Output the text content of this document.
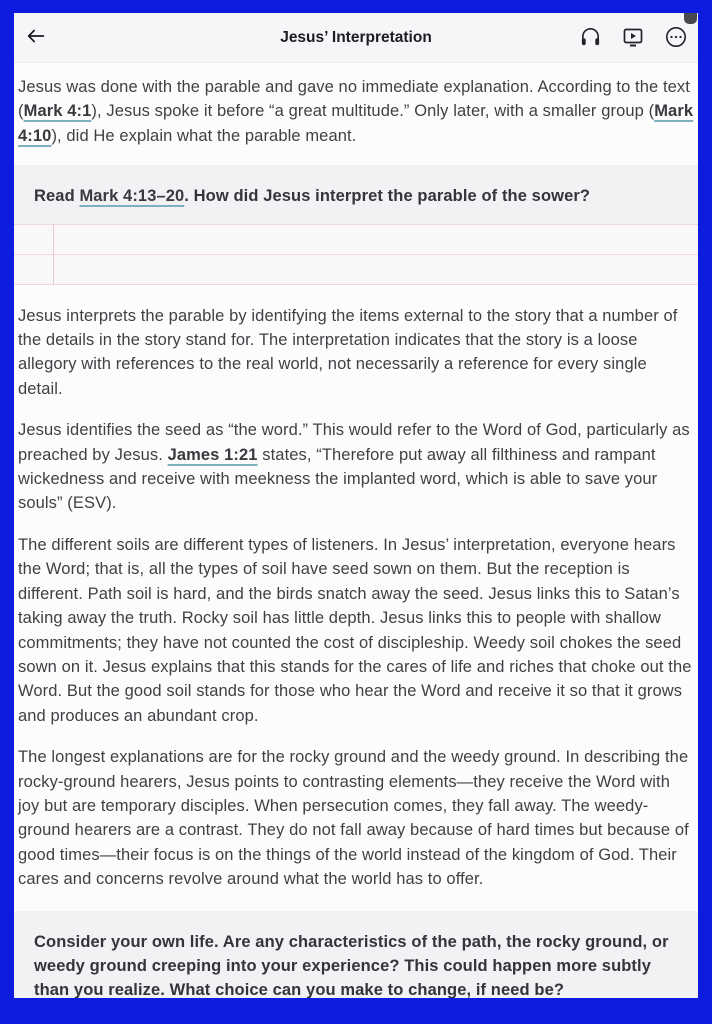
Jesus’ Interpretation

Jesus was done with the parable and gave no immediate explanation. According to the text (Mark 4:1), Jesus spoke it before “a great multitude.” Only later, with a smaller group (Mark 4:10), did He explain what the parable meant.

Read Mark 4:13–20. How did Jesus interpret the parable of the sower?

Jesus interprets the parable by identifying the items external to the story that a number of the details in the story stand for. The interpretation indicates that the story is a loose allegory with references to the real world, not necessarily a reference for every single detail.

Jesus identifies the seed as “the word.” This would refer to the Word of God, particularly as preached by Jesus. James 1:21 states, “Therefore put away all filthiness and rampant wickedness and receive with meekness the implanted word, which is able to save your souls” (ESV).

The different soils are different types of listeners. In Jesus’ interpretation, everyone hears the Word; that is, all the types of soil have seed sown on them. But the reception is different. Path soil is hard, and the birds snatch away the seed. Jesus links this to Satan’s taking away the truth. Rocky soil has little depth. Jesus links this to people with shallow commitments; they have not counted the cost of discipleship. Weedy soil chokes the seed sown on it. Jesus explains that this stands for the cares of life and riches that choke out the Word. But the good soil stands for those who hear the Word and receive it so that it grows and produces an abundant crop.

The longest explanations are for the rocky ground and the weedy ground. In describing the rocky-ground hearers, Jesus points to contrasting elements—they receive the Word with joy but are temporary disciples. When persecution comes, they fall away. The weedy-ground hearers are a contrast. They do not fall away because of hard times but because of good times—their focus is on the things of the world instead of the kingdom of God. Their cares and concerns revolve around what the world has to offer.

Consider your own life. Are any characteristics of the path, the rocky ground, or weedy ground creeping into your experience? This could happen more subtly than you realize. What choice can you make to change, if need be?
